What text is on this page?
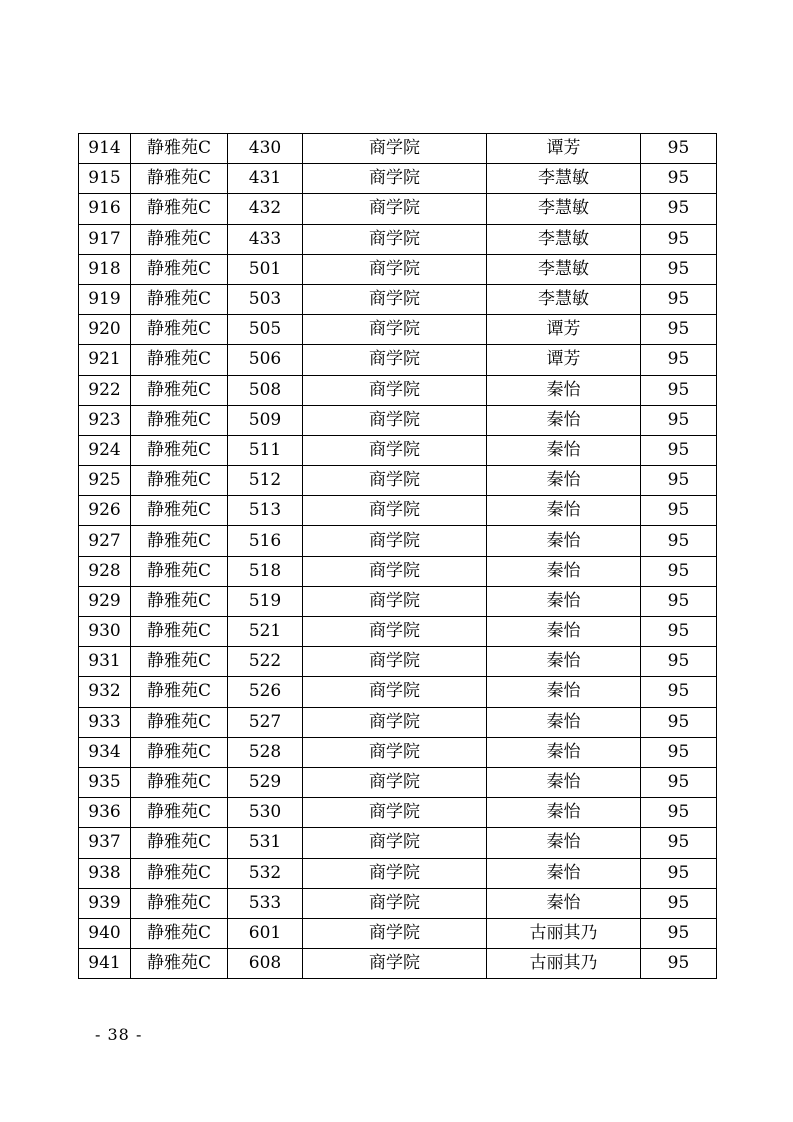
914	静雅苑C	430	商学院	谭芳	95
915	静雅苑C	431	商学院	李慧敏	95
916	静雅苑C	432	商学院	李慧敏	95
917	静雅苑C	433	商学院	李慧敏	95
918	静雅苑C	501	商学院	李慧敏	95
919	静雅苑C	503	商学院	李慧敏	95
920	静雅苑C	505	商学院	谭芳	95
921	静雅苑C	506	商学院	谭芳	95
922	静雅苑C	508	商学院	秦怡	95
923	静雅苑C	509	商学院	秦怡	95
924	静雅苑C	511	商学院	秦怡	95
925	静雅苑C	512	商学院	秦怡	95
926	静雅苑C	513	商学院	秦怡	95
927	静雅苑C	516	商学院	秦怡	95
928	静雅苑C	518	商学院	秦怡	95
929	静雅苑C	519	商学院	秦怡	95
930	静雅苑C	521	商学院	秦怡	95
931	静雅苑C	522	商学院	秦怡	95
932	静雅苑C	526	商学院	秦怡	95
933	静雅苑C	527	商学院	秦怡	95
934	静雅苑C	528	商学院	秦怡	95
935	静雅苑C	529	商学院	秦怡	95
936	静雅苑C	530	商学院	秦怡	95
937	静雅苑C	531	商学院	秦怡	95
938	静雅苑C	532	商学院	秦怡	95
939	静雅苑C	533	商学院	秦怡	95
940	静雅苑C	601	商学院	古丽其乃	95
941	静雅苑C	608	商学院	古丽其乃	95
- 38 -
